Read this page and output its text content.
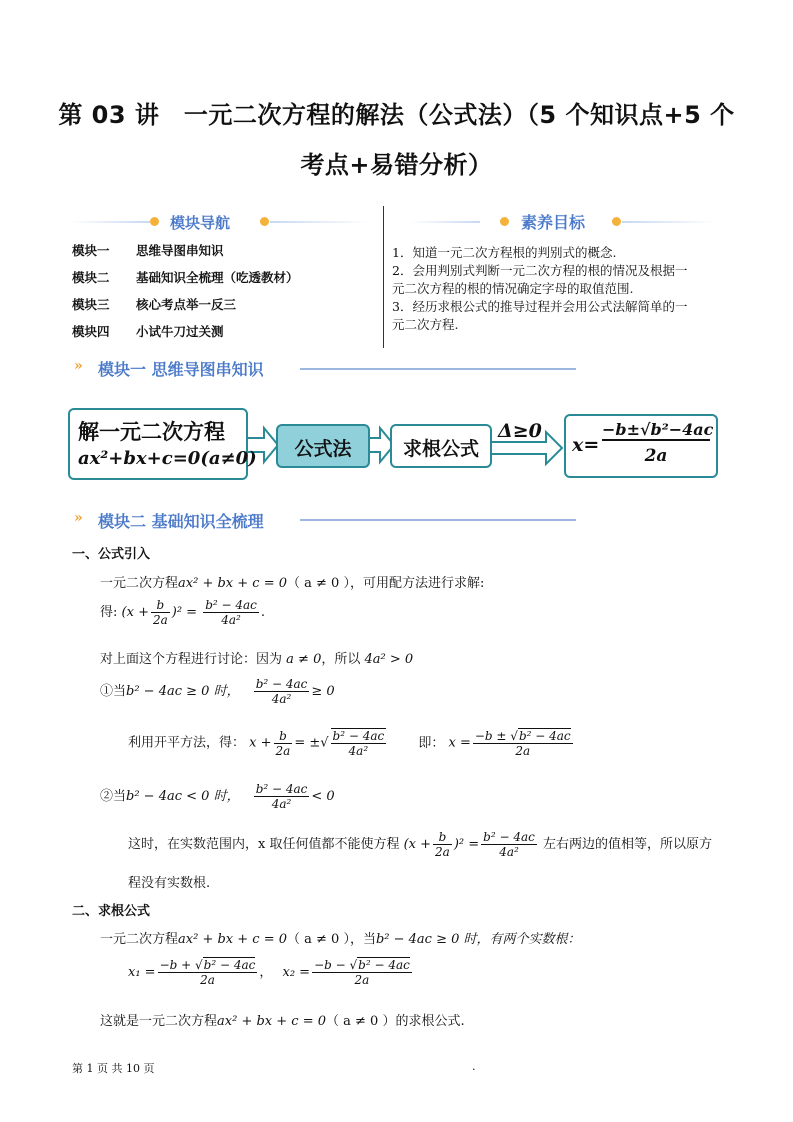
第 03 讲　一元二次方程的解法（公式法）（5 个知识点+5 个
考点+易错分析）
模块导航
模块一 思维导图串知识
模块二 基础知识全梳理（吃透教材）
模块三 核心考点举一反三
模块四 小试牛刀过关测
素养目标
1．知道一元二次方程根的判别式的概念.
2．会用判别式判断一元二次方程的根的情况及根据一
元二次方程的根的情况确定字母的取值范围.
3．经历求根公式的推导过程并会用公式法解简单的一
元二次方程.
» 模块一 思维导图串知识
解一元二次方程
ax²+bx+c=0(a≠0)	公式法	求根公式
Δ≥0
x=
−b±√b²−4ac
2a
» 模块二 基础知识全梳理
一、公式引入
一元二次方程ax² + bx + c = 0（ a ≠ 0 ），可用配方法进行求解:
得: $(x + \frac{b}{2a} )^2 = \frac{\text{b² − 4ac}}{\text{4a²}}$ .
对上面这个方程进行讨论：因为 a ≠ 0，所以 4a² > 0
①当b² − 4ac ≥ 0 时， $\frac{\text{b² − 4ac}}{\text{4a²}} \ge 0$
利用开平方法，得： $x + \frac{b}{2a}$ = ±√ $\frac{\text{b² − 4ac}}{\text{4a²}}$ 即： $x = \frac{\text{−b ± √b² − 4ac}}{2a}$
②当b² − 4ac < 0 时， $\frac{\text{b² − 4ac}}{\text{4a²}} < 0$
这时，在实数范围内，x 取任何值都不能使方程 $(x + \frac{b}{2a} )^2 = \frac{\text{b² − 4ac}}{\text{4a²}}$ 左右两边的值相等，所以原方
程没有实数根.
二、求根公式
一元二次方程ax² + bx + c = 0（ a ≠ 0 ），当b² − 4ac ≥ 0 时，有两个实数根：
$x_1 = \frac{\text{−b + √b² − 4ac}}{2a}$ ， $x_2 = \frac{\text{−b − √b² − 4ac}}{2a}$
这就是一元二次方程ax² + bx + c = 0（ a ≠ 0 ）的求根公式.
第 1 页 共 10 页	.
